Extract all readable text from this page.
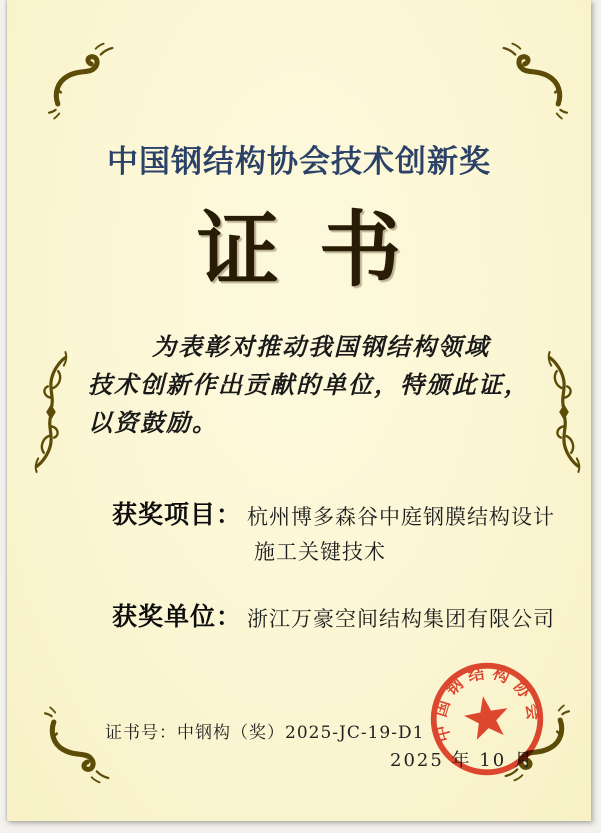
中国钢结构协会技术创新奖
证书
为表彰对推动我国钢结构领域
技术创新作出贡献的单位，特颁此证，
以资鼓励。
获奖项目： 杭州博多森谷中庭钢膜结构设计
施工关键技术
获奖单位： 浙江万豪空间结构集团有限公司
证书号：中钢构（奖）2025-JC-19-D1
2025 年 10 月
中国钢结构协会
